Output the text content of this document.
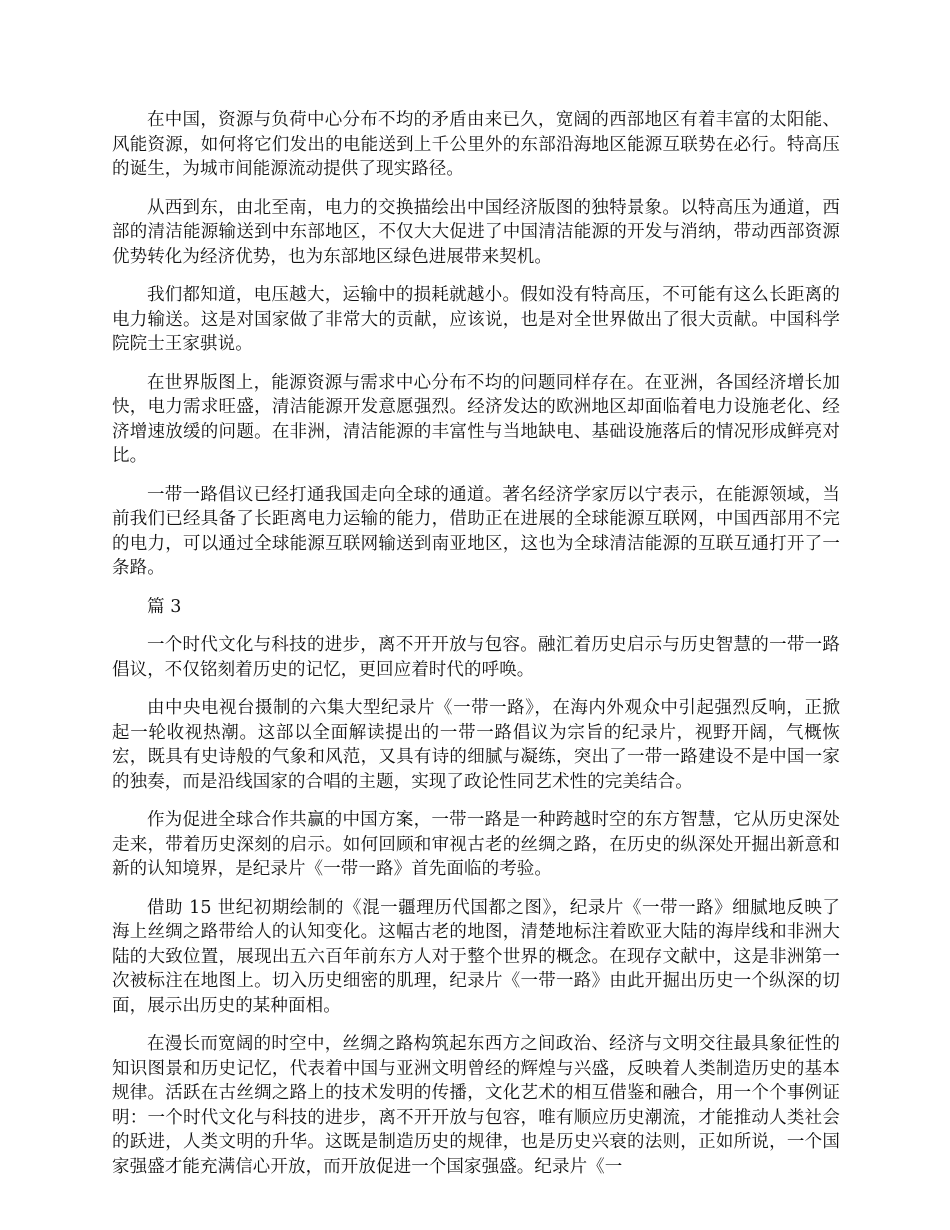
在中国，资源与负荷中心分布不均的矛盾由来已久，宽阔的西部地区有着丰富的太阳能、风能资源，如何将它们发出的电能送到上千公里外的东部沿海地区能源互联势在必行。特高压的诞生，为城市间能源流动提供了现实路径。

从西到东，由北至南，电力的交换描绘出中国经济版图的独特景象。以特高压为通道，西部的清洁能源输送到中东部地区，不仅大大促进了中国清洁能源的开发与消纳，带动西部资源优势转化为经济优势，也为东部地区绿色进展带来契机。

我们都知道，电压越大，运输中的损耗就越小。假如没有特高压，不可能有这么长距离的电力输送。这是对国家做了非常大的贡献，应该说，也是对全世界做出了很大贡献。中国科学院院士王家骐说。

在世界版图上，能源资源与需求中心分布不均的问题同样存在。在亚洲，各国经济增长加快，电力需求旺盛，清洁能源开发意愿强烈。经济发达的欧洲地区却面临着电力设施老化、经济增速放缓的问题。在非洲，清洁能源的丰富性与当地缺电、基础设施落后的情况形成鲜亮对比。

一带一路倡议已经打通我国走向全球的通道。著名经济学家厉以宁表示，在能源领域，当前我们已经具备了长距离电力运输的能力，借助正在进展的全球能源互联网，中国西部用不完的电力，可以通过全球能源互联网输送到南亚地区，这也为全球清洁能源的互联互通打开了一条路。

篇 3

一个时代文化与科技的进步，离不开开放与包容。融汇着历史启示与历史智慧的一带一路倡议，不仅铭刻着历史的记忆，更回应着时代的呼唤。

由中央电视台摄制的六集大型纪录片《一带一路》，在海内外观众中引起强烈反响，正掀起一轮收视热潮。这部以全面解读提出的一带一路倡议为宗旨的纪录片，视野开阔，气概恢宏，既具有史诗般的气象和风范，又具有诗的细腻与凝练，突出了一带一路建设不是中国一家的独奏，而是沿线国家的合唱的主题，实现了政论性同艺术性的完美结合。

作为促进全球合作共赢的中国方案，一带一路是一种跨越时空的东方智慧，它从历史深处走来，带着历史深刻的启示。如何回顾和审视古老的丝绸之路，在历史的纵深处开掘出新意和新的认知境界，是纪录片《一带一路》首先面临的考验。

借助 15 世纪初期绘制的《混一疆理历代国都之图》，纪录片《一带一路》细腻地反映了海上丝绸之路带给人的认知变化。这幅古老的地图，清楚地标注着欧亚大陆的海岸线和非洲大陆的大致位置，展现出五六百年前东方人对于整个世界的概念。在现存文献中，这是非洲第一次被标注在地图上。切入历史细密的肌理，纪录片《一带一路》由此开掘出历史一个纵深的切面，展示出历史的某种面相。

在漫长而宽阔的时空中，丝绸之路构筑起东西方之间政治、经济与文明交往最具象征性的知识图景和历史记忆，代表着中国与亚洲文明曾经的辉煌与兴盛，反映着人类制造历史的基本规律。活跃在古丝绸之路上的技术发明的传播，文化艺术的相互借鉴和融合，用一个个事例证明：一个时代文化与科技的进步，离不开开放与包容，唯有顺应历史潮流，才能推动人类社会的跃进，人类文明的升华。这既是制造历史的规律，也是历史兴衰的法则，正如所说，一个国家强盛才能充满信心开放，而开放促进一个国家强盛。纪录片《一
